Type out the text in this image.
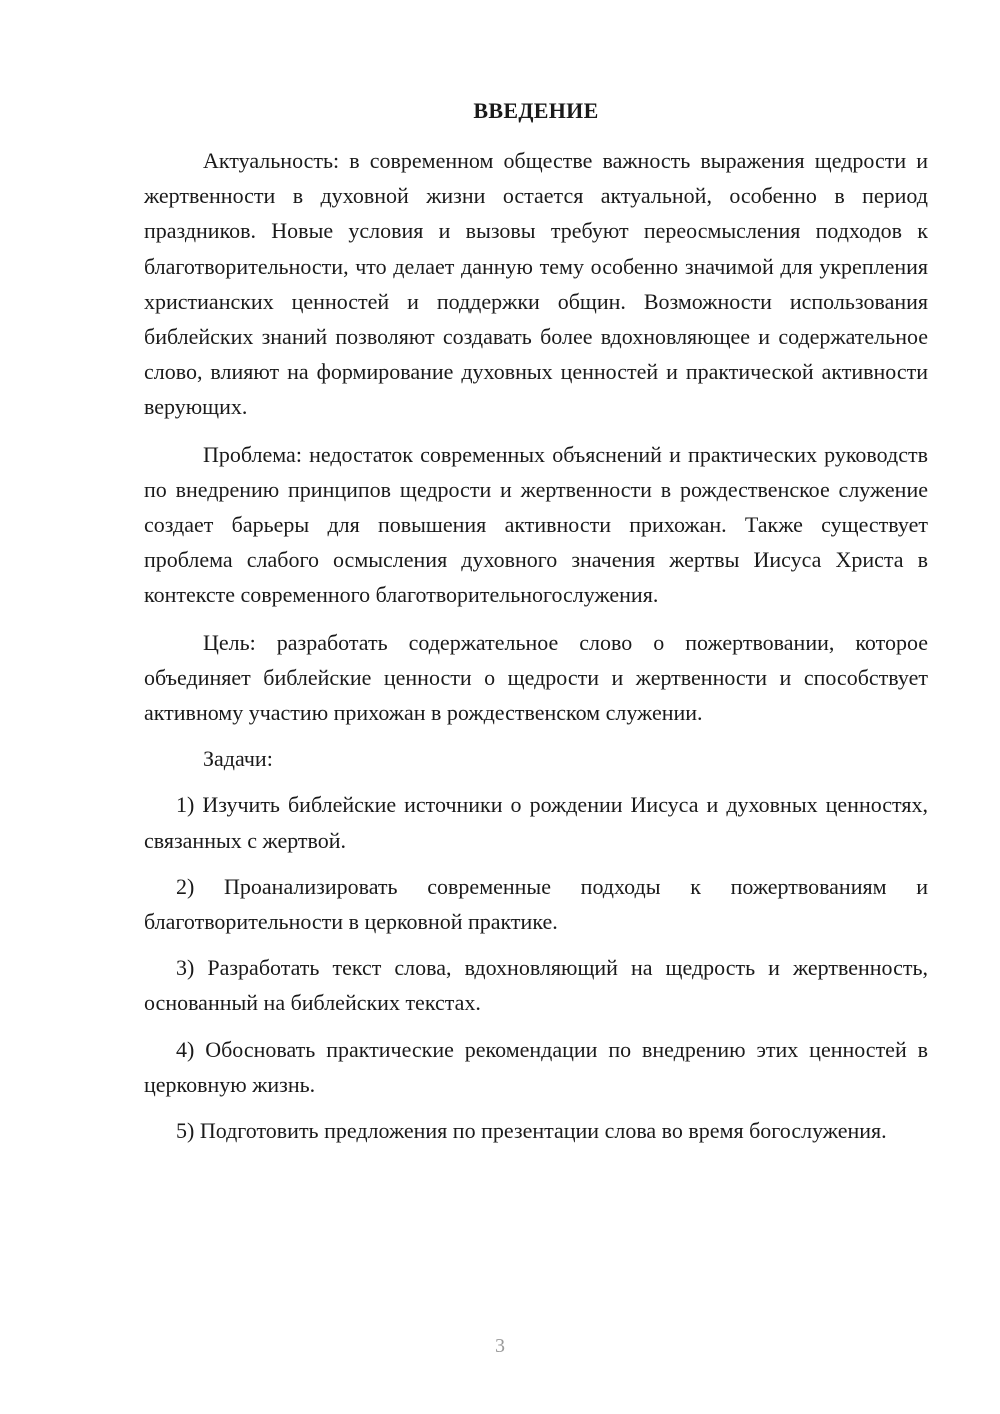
ВВЕДЕНИЕ

Актуальность: в современном обществе важность выражения щедрости и жертвенности в духовной жизни остается актуальной, особенно в период праздников. Новые условия и вызовы требуют переосмысления подходов к благотворительности, что делает данную тему особенно значимой для укрепления христианских ценностей и поддержки общин. Возможности использования библейских знаний позволяют создавать более вдохновляющее и содержательное слово, влияют на формирование духовных ценностей и практической активности верующих.

Проблема: недостаток современных объяснений и практических руководств по внедрению принципов щедрости и жертвенности в рождественское служение создает барьеры для повышения активности прихожан. Также существует проблема слабого осмысления духовного значения жертвы Иисуса Христа в контексте современного благотворительногослужения.

Цель: разработать содержательное слово о пожертвовании, которое объединяет библейские ценности о щедрости и жертвенности и способствует активному участию прихожан в рождественском служении.

Задачи:

1) Изучить библейские источники о рождении Иисуса и духовных ценностях, связанных с жертвой.

2) Проанализировать современные подходы к пожертвованиям и благотворительности в церковной практике.

3) Разработать текст слова, вдохновляющий на щедрость и жертвенность, основанный на библейских текстах.

4) Обосновать практические рекомендации по внедрению этих ценностей в церковную жизнь.

5) Подготовить предложения по презентации слова во время богослужения.

3
